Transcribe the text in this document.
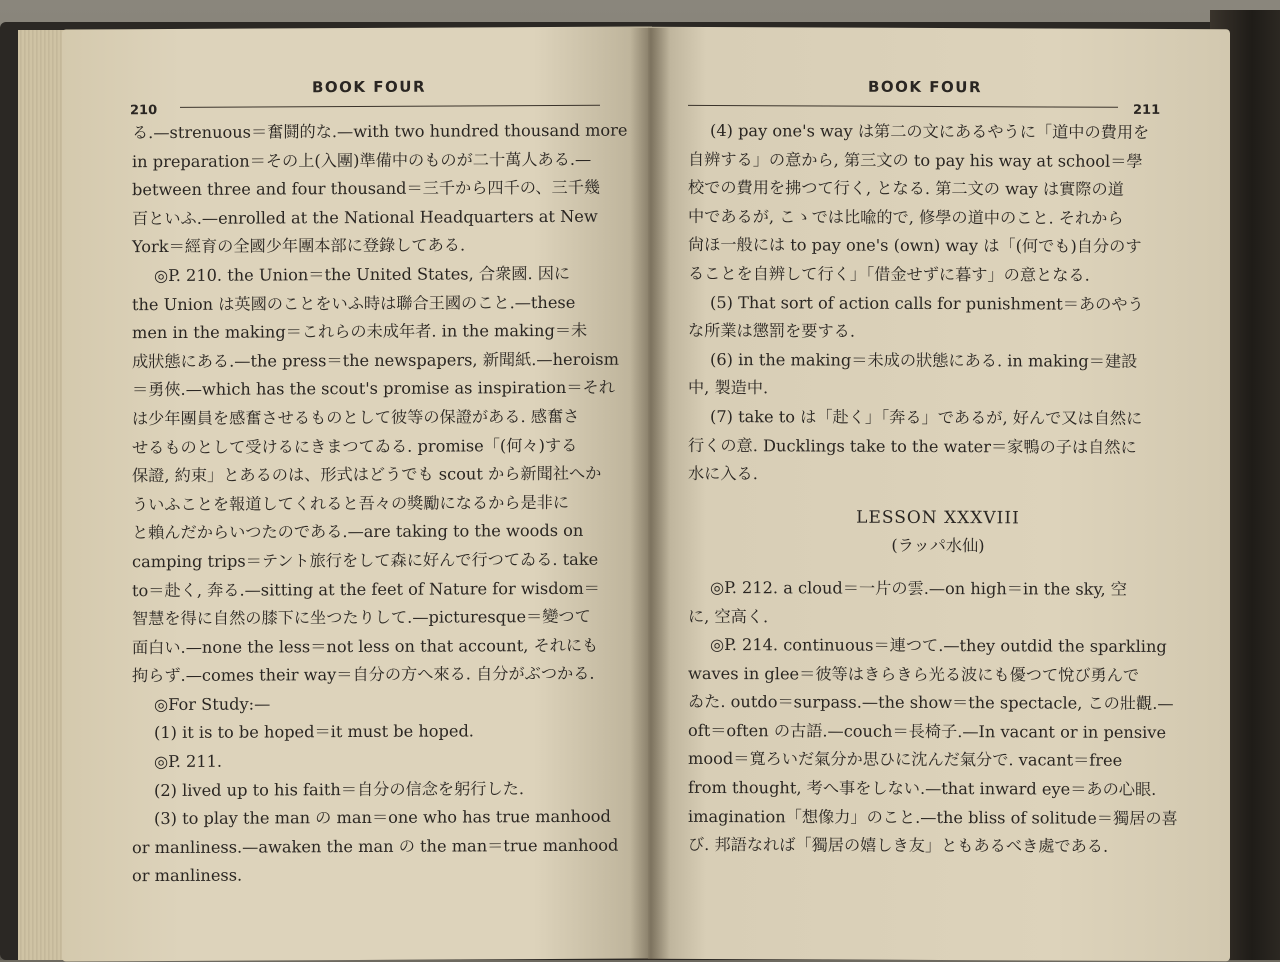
BOOK FOUR
210
る.—strenuous＝奮鬪的な.—with two hundred thousand more
in preparation＝その上(入團)準備中のものが二十萬人ある.—
between three and four thousand＝三千から四千の、三千幾
百といふ.—enrolled at the National Headquarters at New
York＝經育の全國少年團本部に登錄してある.
◎P. 210. the Union＝the United States, 合衆國. 因に
the Union は英國のことをいふ時は聯合王國のこと.—these
men in the making＝これらの未成年者. in the making＝未
成狀態にある.—the press＝the newspapers, 新聞紙.—heroism
＝勇俠.—which has the scout's promise as inspiration＝それ
は少年團員を感奮させるものとして彼等の保證がある. 感奮さ
せるものとして受けるにきまつてゐる. promise「(何々)する
保證, 約束」とあるのは、形式はどうでも scout から新聞社へか
ういふことを報道してくれると吾々の獎勵になるから是非に
と賴んだからいつたのである.—are taking to the woods on
camping trips＝テント旅行をして森に好んで行つてゐる. take
to＝赴く, 奔る.—sitting at the feet of Nature for wisdom＝
智慧を得に自然の膝下に坐つたりして.—picturesque＝變つて
面白い.—none the less＝not less on that account, それにも
拘らず.—comes their way＝自分の方へ來る. 自分がぶつかる.
◎For Study:—
(1) it is to be hoped＝it must be hoped.
◎P. 211.
(2) lived up to his faith＝自分の信念を躬行した.
(3) to play the man の man＝one who has true manhood
or manliness.—awaken the man の the man＝true manhood
or manliness.
BOOK FOUR
211
(4) pay one's way は第二の文にあるやうに「道中の費用を
自辨する」の意から, 第三文の to pay his way at school＝學
校での費用を拂つて行く, となる. 第二文の way は實際の道
中であるが, こゝでは比喩的で, 修學の道中のこと. それから
尙ほ一般には to pay one's (own) way は「(何でも)自分のす
ることを自辨して行く」「借金せずに暮す」の意となる.
(5) That sort of action calls for punishment＝あのやう
な所業は懲罰を要する.
(6) in the making＝未成の狀態にある. in making＝建設
中, 製造中.
(7) take to は「赴く」「奔る」であるが, 好んで又は自然に
行くの意. Ducklings take to the water＝家鴨の子は自然に
水に入る.
LESSON XXXVIII
(ラッパ水仙)
◎P. 212. a cloud＝一片の雲.—on high＝in the sky, 空
に, 空高く.
◎P. 214. continuous＝連つて.—they outdid the sparkling
waves in glee＝彼等はきらきら光る波にも優つて悅び勇んで
ゐた. outdo＝surpass.—the show＝the spectacle, この壯觀.—
oft＝often の古語.—couch＝長椅子.—In vacant or in pensive
mood＝寬ろいだ氣分か思ひに沈んだ氣分で. vacant＝free
from thought, 考へ事をしない.—that inward eye＝あの心眼.
imagination「想像力」のこと.—the bliss of solitude＝獨居の喜
び. 邦語なれば「獨居の嬉しき友」ともあるべき處である.
